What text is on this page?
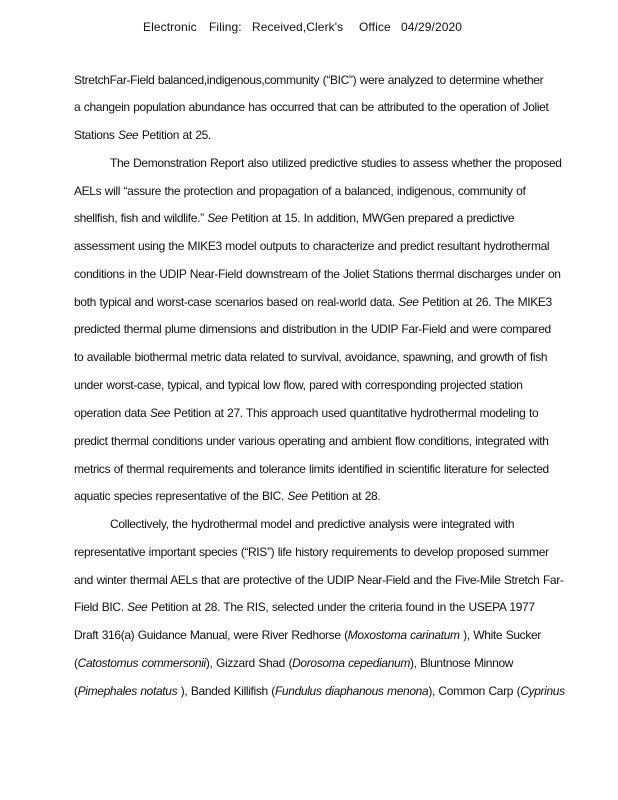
Electronic Filing: Received,Clerk's Office 04/29/2020
StretchFar-Field balanced,indigenous,community (“BIC”) were analyzed to determine whether
a changein population abundance has occurred that can be attributed to the operation of Joliet
Stations See Petition at 25.
The Demonstration Report also utilized predictive studies to assess whether the proposed
AELs will “assure the protection and propagation of a balanced, indigenous, community of
shellfish, fish and wildlife.” See Petition at 15. In addition, MWGen prepared a predictive
assessment using the MIKE3 model outputs to characterize and predict resultant hydrothermal
conditions in the UDIP Near-Field downstream of the Joliet Stations thermal discharges under on
both typical and worst-case scenarios based on real-world data. See Petition at 26. The MIKE3
predicted thermal plume dimensions and distribution in the UDIP Far-Field and were compared
to available biothermal metric data related to survival, avoidance, spawning, and growth of fish
under worst-case, typical, and typical low flow, pared with corresponding projected station
operation data See Petition at 27. This approach used quantitative hydrothermal modeling to
predict thermal conditions under various operating and ambient flow conditions, integrated with
metrics of thermal requirements and tolerance limits identified in scientific literature for selected
aquatic species representative of the BIC. See Petition at 28.
Collectively, the hydrothermal model and predictive analysis were integrated with
representative important species (“RIS”) life history requirements to develop proposed summer
and winter thermal AELs that are protective of the UDIP Near-Field and the Five-Mile Stretch Far-
Field BIC. See Petition at 28. The RIS, selected under the criteria found in the USEPA 1977
Draft 316(a) Guidance Manual, were River Redhorse (Moxostoma carinatum ), White Sucker
(Catostomus commersonii), Gizzard Shad (Dorosoma cepedianum), Bluntnose Minnow
(Pimephales notatus ), Banded Killifish (Fundulus diaphanous menona), Common Carp (Cyprinus
